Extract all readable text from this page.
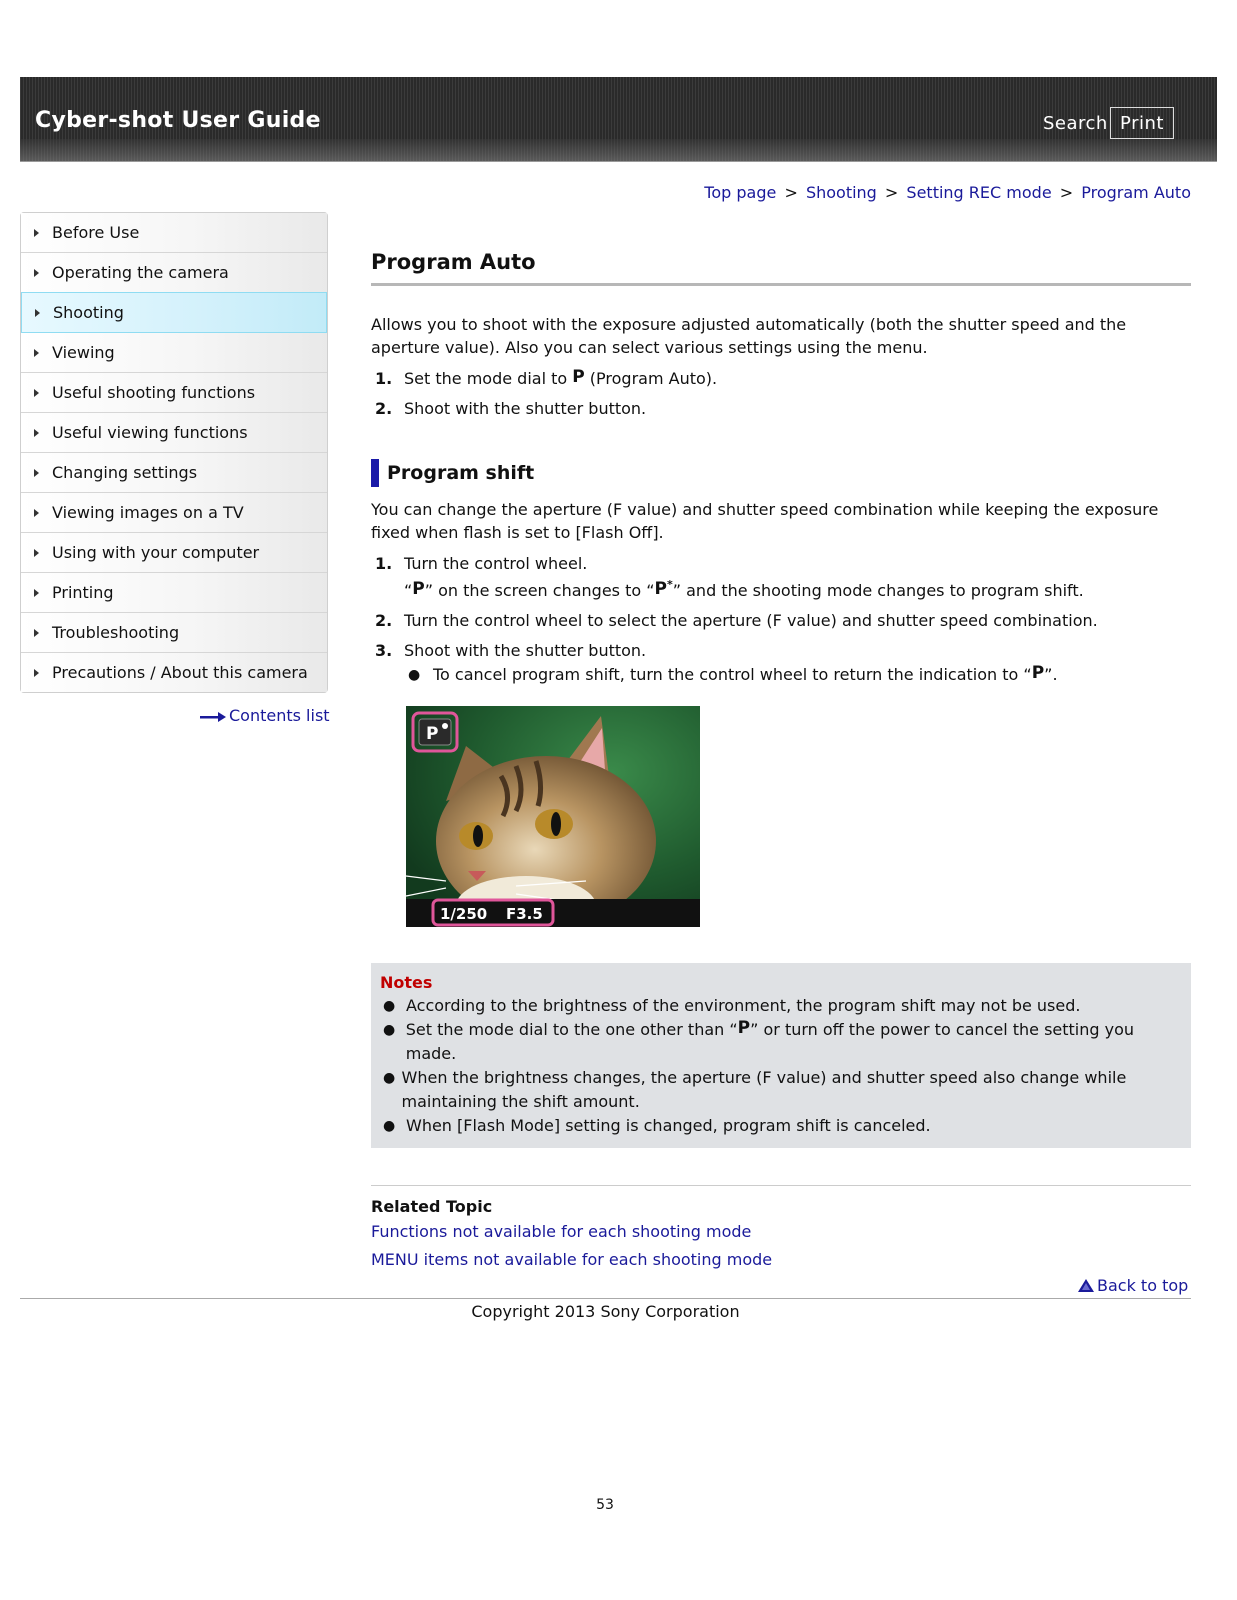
Cyber-shot User Guide	Search Print
Top page > Shooting > Setting REC mode > Program Auto
Before Use
Operating the camera
Shooting
Viewing
Useful shooting functions
Useful viewing functions
Changing settings
Viewing images on a TV
Using with your computer
Printing
Troubleshooting
Precautions / About this camera
Contents list
Program Auto

Allows you to shoot with the exposure adjusted automatically (both the shutter speed and the aperture value). Also you can select various settings using the menu.

1. Set the mode dial to P (Program Auto).
2. Shoot with the shutter button.
Program shift

You can change the aperture (F value) and shutter speed combination while keeping the exposure fixed when flash is set to [Flash Off].

1. Turn the control wheel.
“P” on the screen changes to “P*” and the shooting mode changes to program shift.
2. Turn the control wheel to select the aperture (F value) and shutter speed combination.
3. Shoot with the shutter button.
● To cancel program shift, turn the control wheel to return the indication to “P”.
P
1/250 F3.5
Notes
● According to the brightness of the environment, the program shift may not be used.
● Set the mode dial to the one other than “P” or turn off the power to cancel the setting you made.
● When the brightness changes, the aperture (F value) and shutter speed also change while maintaining the shift amount.
● When [Flash Mode] setting is changed, program shift is canceled.
Related Topic
Functions not available for each shooting mode
MENU items not available for each shooting mode
Back to top
Copyright 2013 Sony Corporation
53
